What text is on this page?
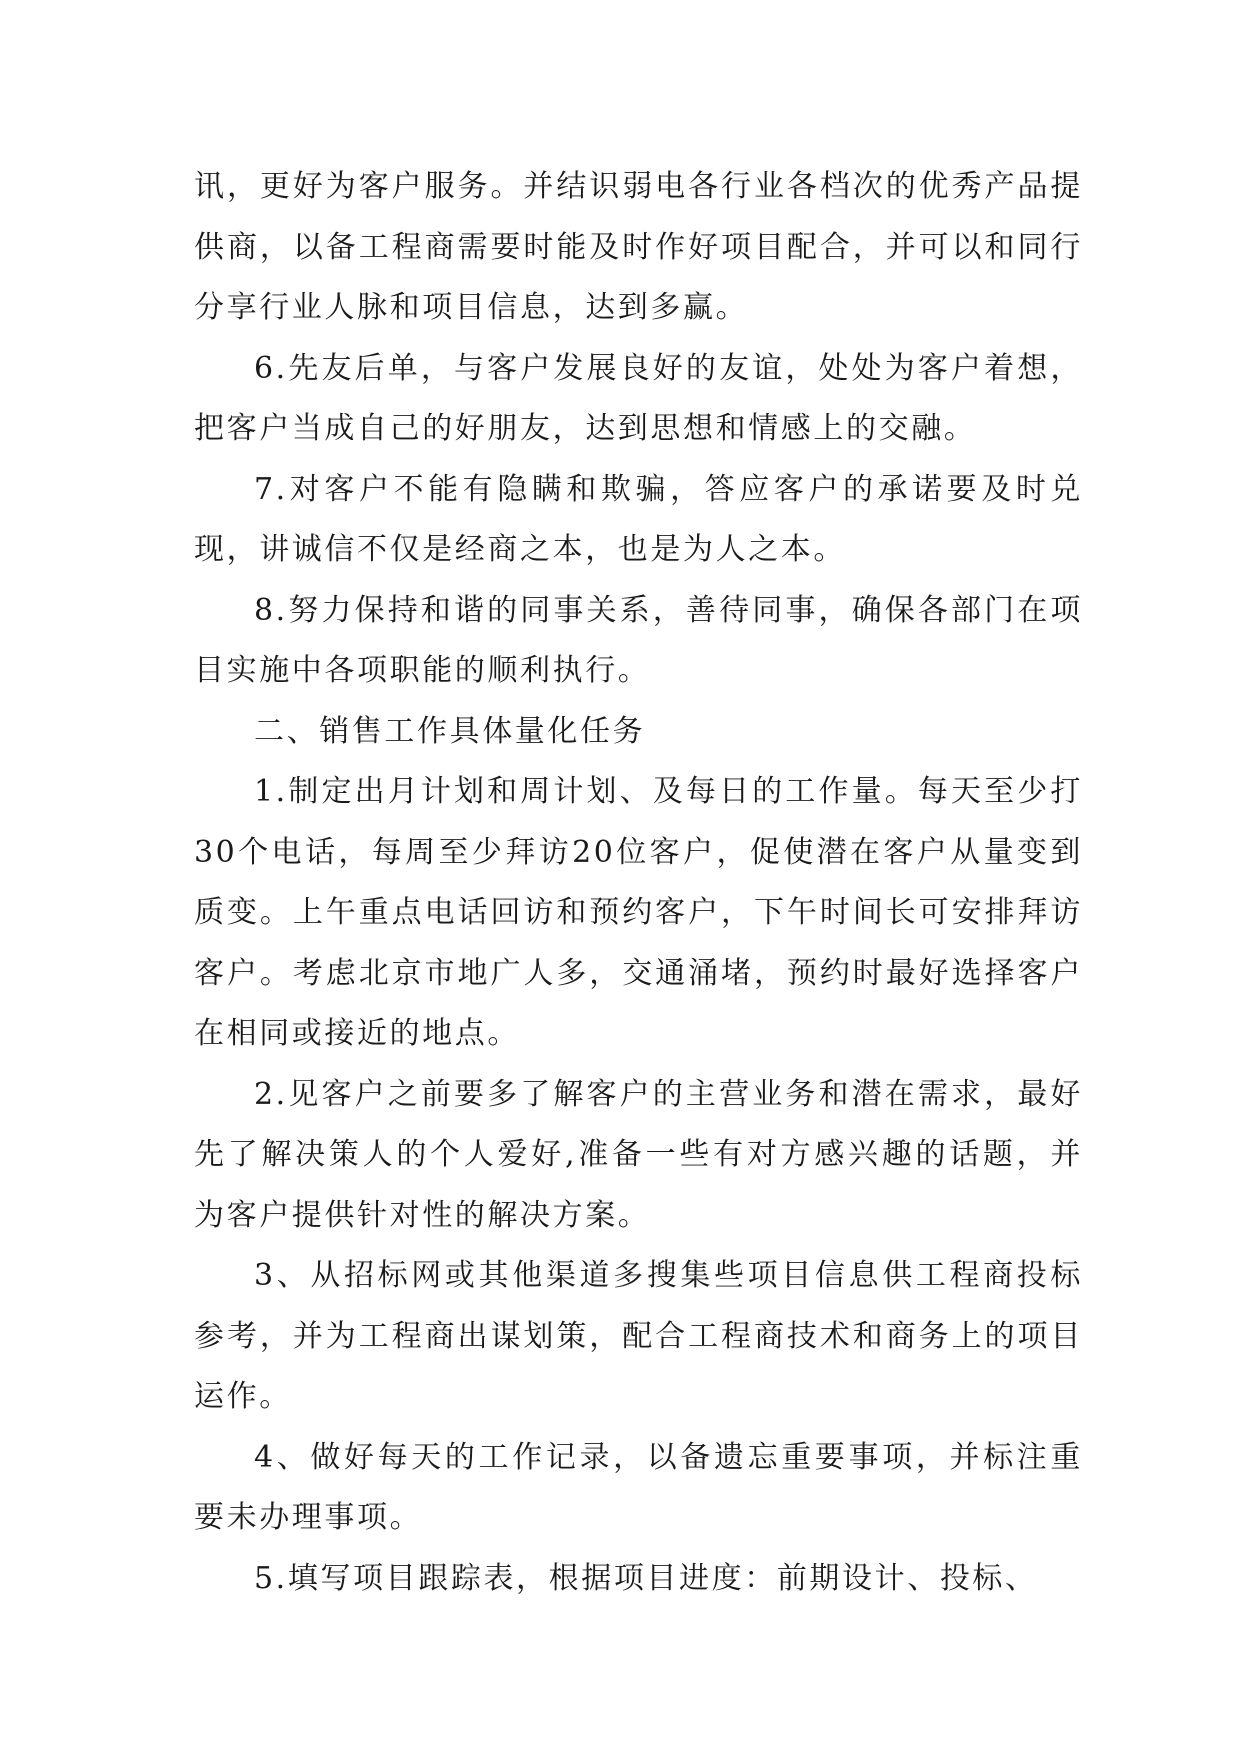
讯，更好为客户服务。并结识弱电各行业各档次的优秀产品提供商，以备工程商需要时能及时作好项目配合，并可以和同行分享行业人脉和项目信息，达到多赢。

6.先友后单，与客户发展良好的友谊，处处为客户着想，把客户当成自己的好朋友，达到思想和情感上的交融。

7.对客户不能有隐瞒和欺骗，答应客户的承诺要及时兑现，讲诚信不仅是经商之本，也是为人之本。

8.努力保持和谐的同事关系，善待同事，确保各部门在项目实施中各项职能的顺利执行。

二、销售工作具体量化任务

1.制定出月计划和周计划、及每日的工作量。每天至少打30个电话，每周至少拜访20位客户，促使潜在客户从量变到质变。上午重点电话回访和预约客户，下午时间长可安排拜访客户。考虑北京市地广人多，交通涌堵，预约时最好选择客户在相同或接近的地点。

2.见客户之前要多了解客户的主营业务和潜在需求，最好先了解决策人的个人爱好,准备一些有对方感兴趣的话题，并为客户提供针对性的解决方案。

3、从招标网或其他渠道多搜集些项目信息供工程商投标参考，并为工程商出谋划策，配合工程商技术和商务上的项目运作。

4、做好每天的工作记录，以备遗忘重要事项，并标注重要未办理事项。

5.填写项目跟踪表，根据项目进度：前期设计、投标、
